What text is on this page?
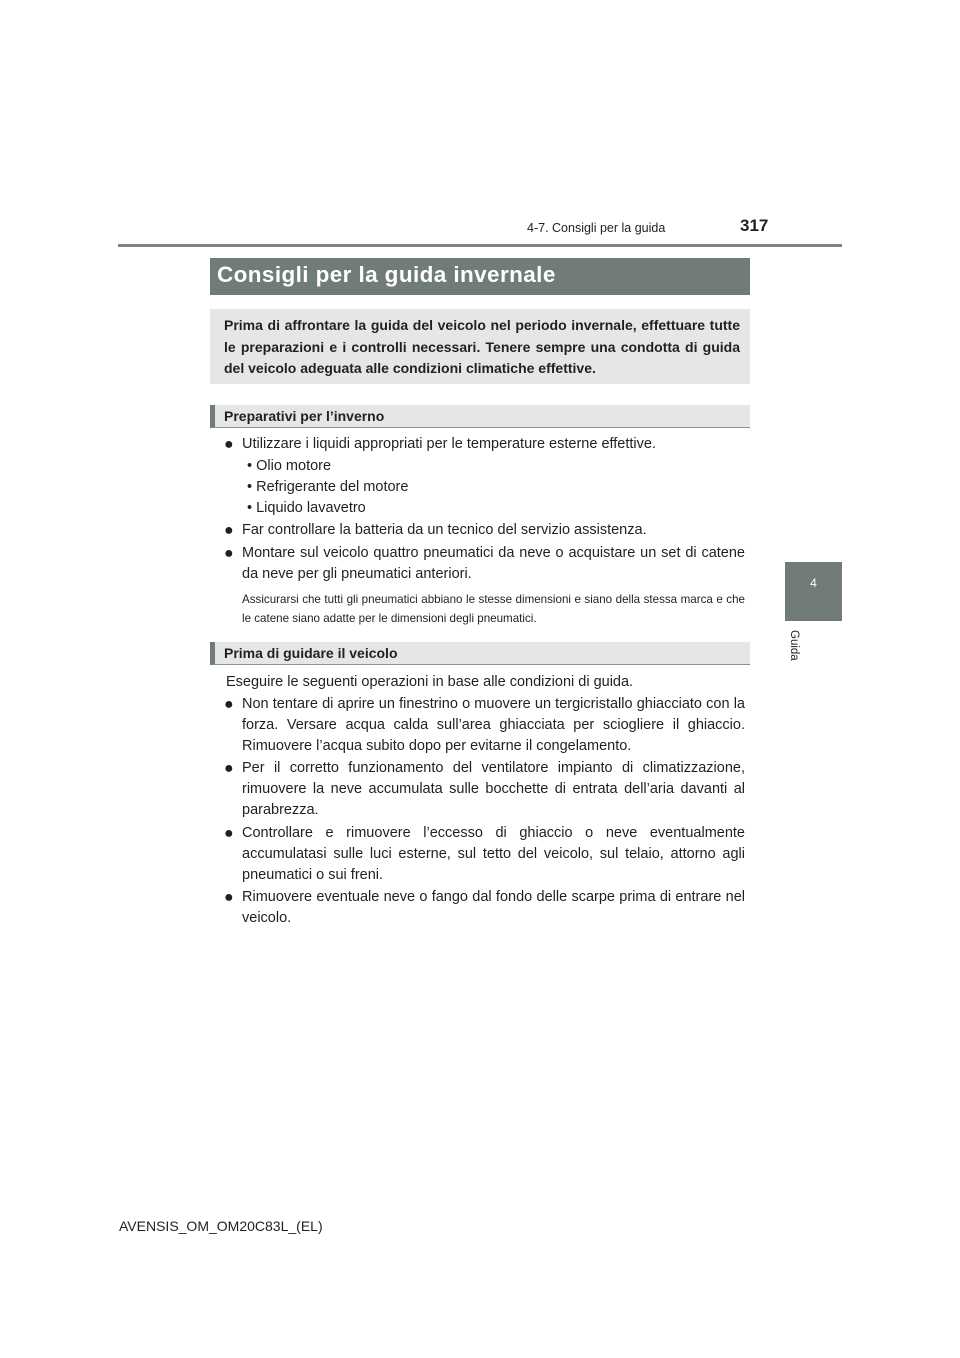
4-7. Consigli per la guida	317
4
Guida
Consigli per la guida invernale
Prima di affrontare la guida del veicolo nel periodo invernale, effettuare tutte le preparazioni e i controlli necessari. Tenere sempre una condotta di guida del veicolo adeguata alle condizioni climatiche effettive.
Preparativi per l’inverno
● Utilizzare i liquidi appropriati per le temperature esterne effettive.
• Olio motore
• Refrigerante del motore
• Liquido lavavetro
● Far controllare la batteria da un tecnico del servizio assistenza.
● Montare sul veicolo quattro pneumatici da neve o acquistare un set di catene da neve per gli pneumatici anteriori.
Assicurarsi che tutti gli pneumatici abbiano le stesse dimensioni e siano della stessa marca e che le catene siano adatte per le dimensioni degli pneumatici.
Prima di guidare il veicolo
Eseguire le seguenti operazioni in base alle condizioni di guida.
● Non tentare di aprire un finestrino o muovere un tergicristallo ghiacciato con la forza. Versare acqua calda sull’area ghiacciata per sciogliere il ghiaccio. Rimuovere l’acqua subito dopo per evitarne il congelamento.
● Per il corretto funzionamento del ventilatore impianto di climatizzazione, rimuovere la neve accumulata sulle bocchette di entrata dell’aria davanti al parabrezza.
● Controllare e rimuovere l’eccesso di ghiaccio o neve eventualmente accumulatasi sulle luci esterne, sul tetto del veicolo, sul telaio, attorno agli pneumatici o sui freni.
● Rimuovere eventuale neve o fango dal fondo delle scarpe prima di entrare nel veicolo.
AVENSIS_OM_OM20C83L_(EL)
